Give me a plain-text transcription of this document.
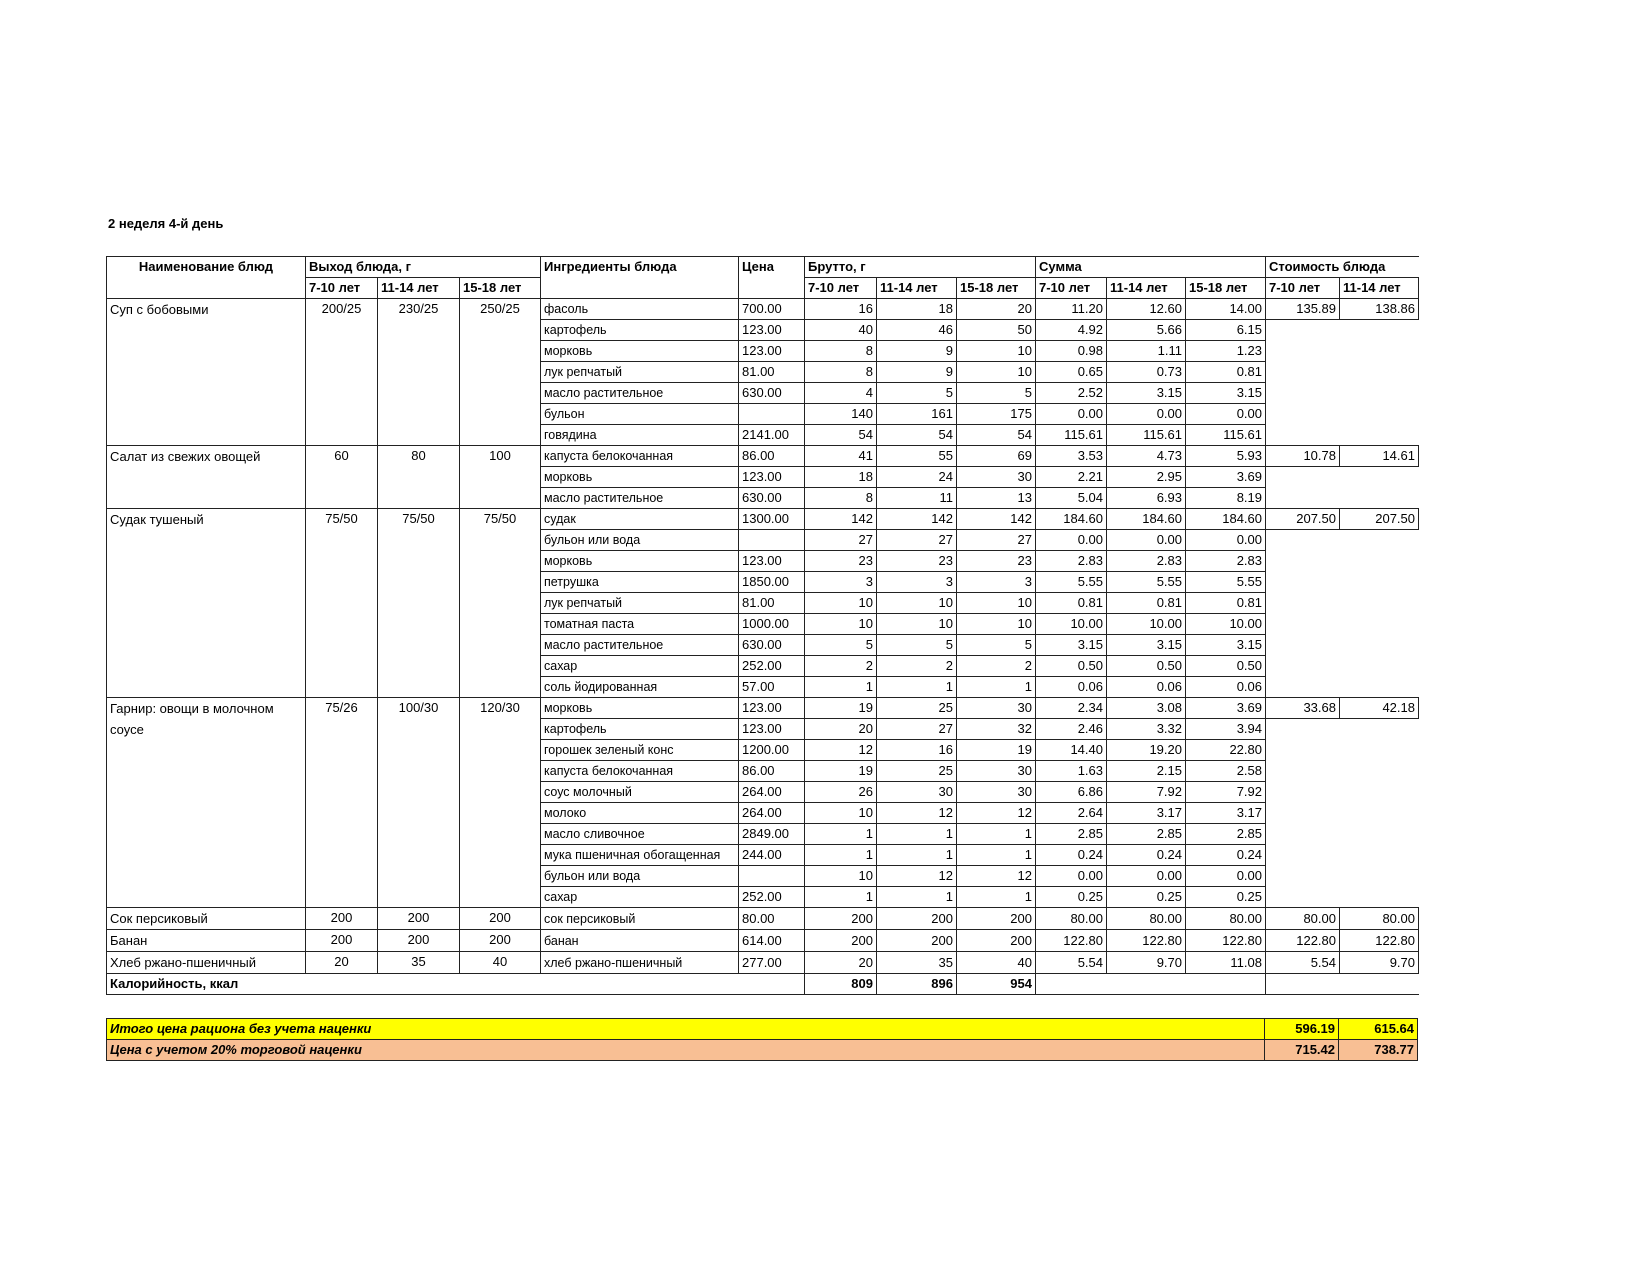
2 неделя 4-й день
Наименование блюд	Выход блюда, г			Ингредиенты блюда	Цена	Брутто, г			Сумма			Стоимость блюда	
	7-10 лет	11-14 лет	15-18 лет			7-10 лет	11-14 лет	15-18 лет	7-10 лет	11-14 лет	15-18 лет	7-10 лет	11-14 лет
Суп с бобовыми	200/25	230/25	250/25	фасоль	700.00	16	18	20	11.20	12.60	14.00	135.89	138.86
				картофель	123.00	40	46	50	4.92	5.66	6.15		
				морковь	123.00	8	9	10	0.98	1.11	1.23		
				лук репчатый	81.00	8	9	10	0.65	0.73	0.81		
				масло растительное	630.00	4	5	5	2.52	3.15	3.15		
				бульон		140	161	175	0.00	0.00	0.00		
				говядина	2141.00	54	54	54	115.61	115.61	115.61		
Салат из свежих овощей	60	80	100	капуста белокочанная	86.00	41	55	69	3.53	4.73	5.93	10.78	14.61
				морковь	123.00	18	24	30	2.21	2.95	3.69		
				масло растительное	630.00	8	11	13	5.04	6.93	8.19		
Судак тушеный	75/50	75/50	75/50	судак	1300.00	142	142	142	184.60	184.60	184.60	207.50	207.50
				бульон или вода		27	27	27	0.00	0.00	0.00		
				морковь	123.00	23	23	23	2.83	2.83	2.83		
				петрушка	1850.00	3	3	3	5.55	5.55	5.55		
				лук репчатый	81.00	10	10	10	0.81	0.81	0.81		
				томатная паста	1000.00	10	10	10	10.00	10.00	10.00		
				масло растительное	630.00	5	5	5	3.15	3.15	3.15		
				сахар	252.00	2	2	2	0.50	0.50	0.50		
				соль йодированная	57.00	1	1	1	0.06	0.06	0.06		
Гарнир: овощи в молочном соусе	75/26	100/30	120/30	морковь	123.00	19	25	30	2.34	3.08	3.69	33.68	42.18
				картофель	123.00	20	27	32	2.46	3.32	3.94		
				горошек зеленый конс	1200.00	12	16	19	14.40	19.20	22.80		
				капуста белокочанная	86.00	19	25	30	1.63	2.15	2.58		
				соус молочный	264.00	26	30	30	6.86	7.92	7.92		
				молоко	264.00	10	12	12	2.64	3.17	3.17		
				масло сливочное	2849.00	1	1	1	2.85	2.85	2.85		
				мука пшеничная обогащенная	244.00	1	1	1	0.24	0.24	0.24		
				бульон или вода		10	12	12	0.00	0.00	0.00		
				сахар	252.00	1	1	1	0.25	0.25	0.25		
Сок персиковый	200	200	200	сок персиковый	80.00	200	200	200	80.00	80.00	80.00	80.00	80.00
Банан	200	200	200	банан	614.00	200	200	200	122.80	122.80	122.80	122.80	122.80
Хлеб ржано-пшеничный	20	35	40	хлеб ржано-пшеничный	277.00	20	35	40	5.54	9.70	11.08	5.54	9.70
Калорийность, ккал						809	896	954					
Итого цена рациона без учета наценки	596.19	615.64
Цена с учетом 20% торговой наценки	715.42	738.77
